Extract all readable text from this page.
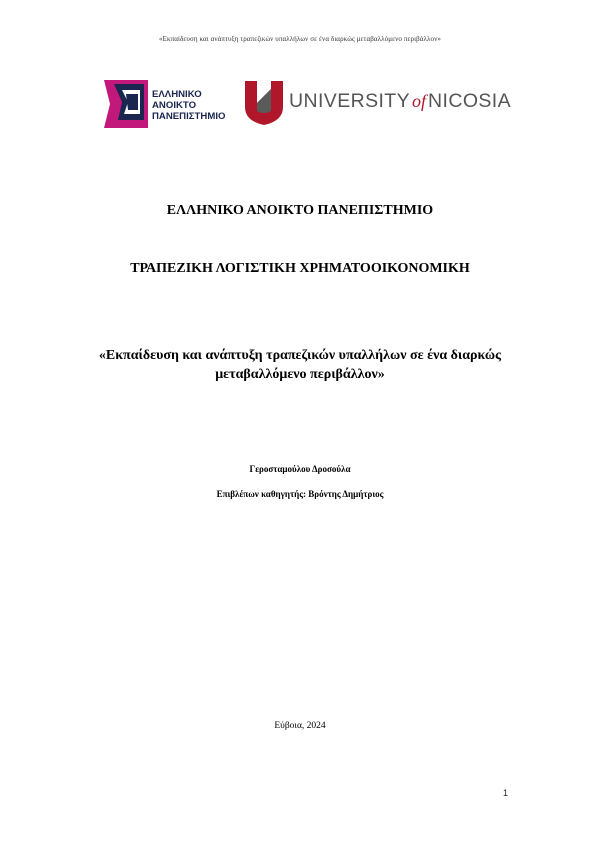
«Εκπαίδευση και ανάπτυξη τραπεζικών υπαλλήλων σε ένα διαρκώς μεταβαλλόμενο περιβάλλον»
ΕΛΛΗΝΙΚΟ
ΑΝΟΙΚΤΟ
ΠΑΝΕΠΙΣΤΗΜΙΟ
UNIVERSITY of NICOSIA
ΕΛΛΗΝΙΚΟ ΑΝΟΙΚΤΟ ΠΑΝΕΠΙΣΤΗΜΙΟ
ΤΡΑΠΕΖΙΚΗ ΛΟΓΙΣΤΙΚΗ ΧΡΗΜΑΤΟΟΙΚΟΝΟΜΙΚΗ
«Εκπαίδευση και ανάπτυξη τραπεζικών υπαλλήλων σε ένα διαρκώς
μεταβαλλόμενο περιβάλλον»
Γεροσταμούλου Δροσούλα
Επιβλέπων καθηγητής: Βρόντης Δημήτριος
Εύβοια, 2024
1
